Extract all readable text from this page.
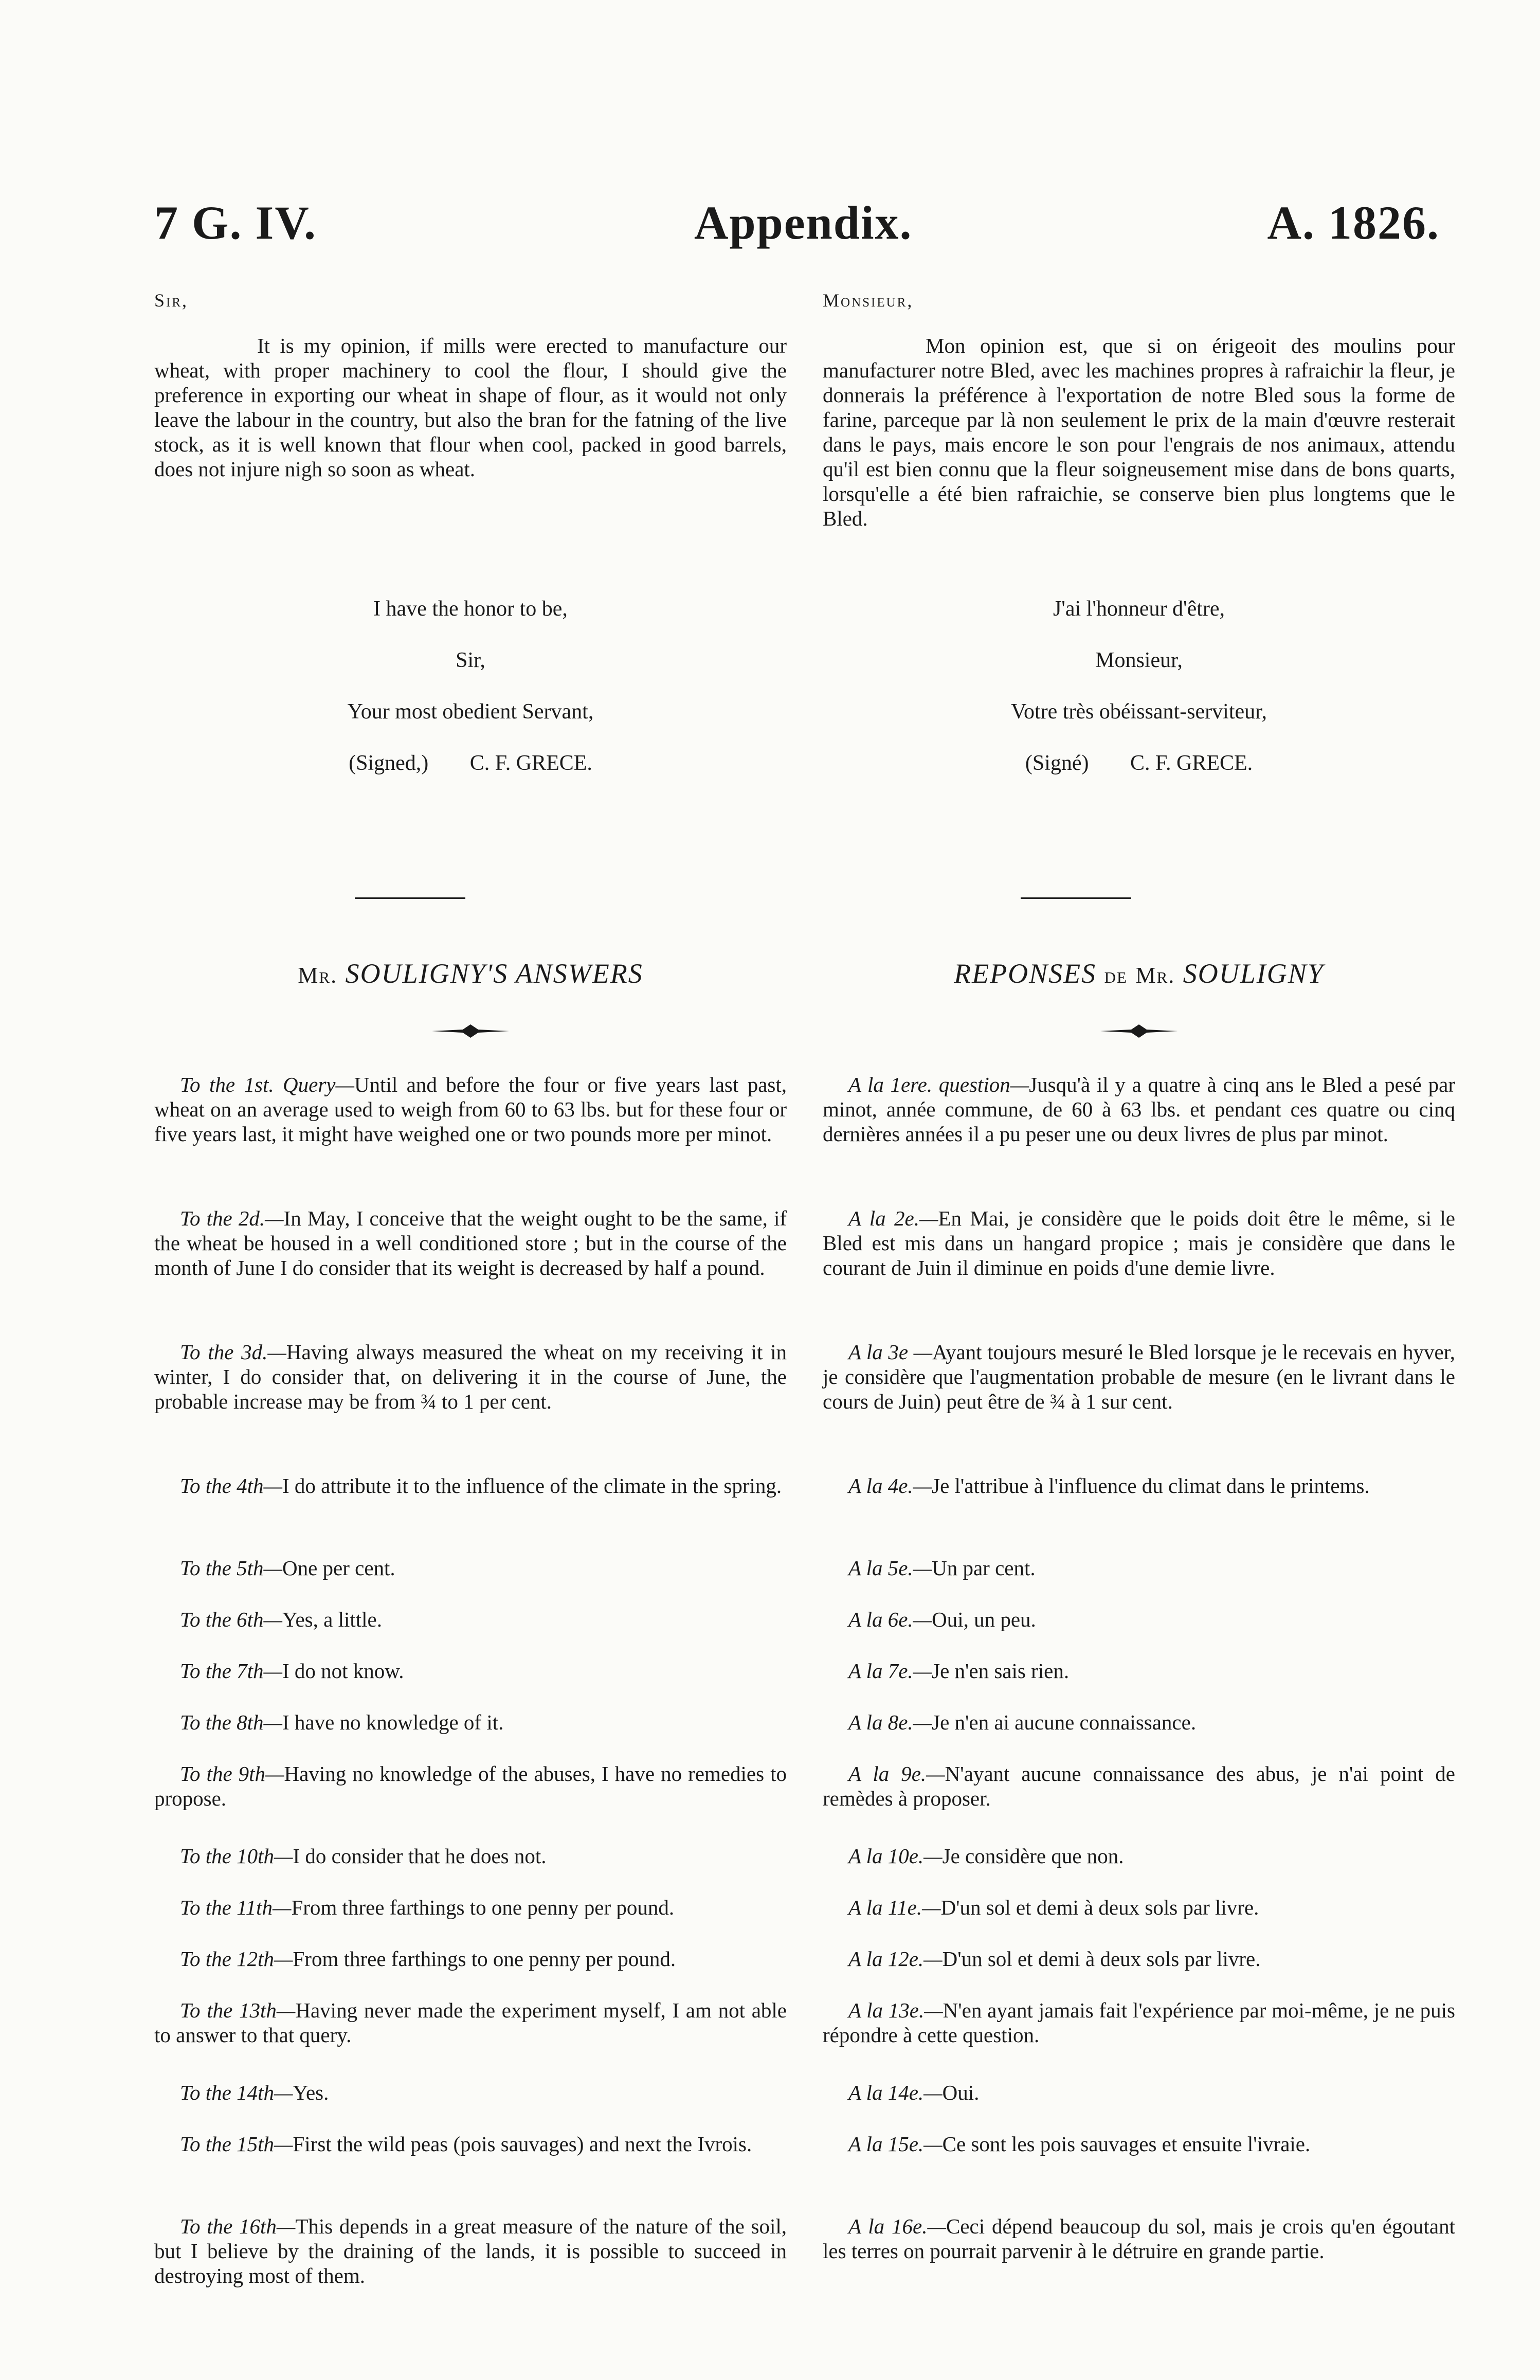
7 G. IV.	Appendix.	A. 1826.
Sir,
It is my opinion, if mills were erected to manufacture our wheat, with proper machinery to cool the flour, I should give the preference in exporting our wheat in shape of flour, as it would not only leave the labour in the country, but also the bran for the fatning of the live stock, as it is well known that flour when cool, packed in good barrels, does not injure nigh so soon as wheat.
Monsieur,
Mon opinion est, que si on érigeoit des moulins pour manufacturer notre Bled, avec les machines propres à rafraichir la fleur, je donnerais la préférence à l'exportation de notre Bled sous la forme de farine, parceque par là non seulement le prix de la main d'œuvre resterait dans le pays, mais encore le son pour l'engrais de nos animaux, attendu qu'il est bien connu que la fleur soigneusement mise dans de bons quarts, lorsqu'elle a été bien rafraichie, se conserve bien plus longtems que le Bled.
I have the honor to be,
Sir,
Your most obedient Servant,
(Signed,) C. F. GRECE.
J'ai l'honneur d'être,
Monsieur,
Votre très obéissant-serviteur,
(Signé) C. F. GRECE.
Mr. SOULIGNY'S ANSWERS	REPONSES de Mr. SOULIGNY

To the 1st. Query—Until and before the four or five years last past, wheat on an average used to weigh from 60 to 63 lbs. but for these four or five years last, it might have weighed one or two pounds more per minot.

To the 2d.—In May, I conceive that the weight ought to be the same, if the wheat be housed in a well conditioned store ; but in the course of the month of June I do consider that its weight is decreased by half a pound.

To the 3d.—Having always measured the wheat on my receiving it in winter, I do consider that, on delivering it in the course of June, the probable increase may be from ¾ to 1 per cent.

To the 4th—I do attribute it to the influence of the climate in the spring.

To the 5th—One per cent.

To the 6th—Yes, a little.

To the 7th—I do not know.

To the 8th—I have no knowledge of it.

To the 9th—Having no knowledge of the abuses, I have no remedies to propose.

To the 10th—I do consider that he does not.

To the 11th—From three farthings to one penny per pound.

To the 12th—From three farthings to one penny per pound.

To the 13th—Having never made the experiment myself, I am not able to answer to that query.

To the 14th—Yes.

To the 15th—First the wild peas (pois sauvages) and next the Ivrois.

To the 16th—This depends in a great measure of the nature of the soil, but I believe by the draining of the lands, it is possible to succeed in destroying most of them.

A la 1ere. question—Jusqu'à il y a quatre à cinq ans le Bled a pesé par minot, année commune, de 60 à 63 lbs. et pendant ces quatre ou cinq dernières années il a pu peser une ou deux livres de plus par minot.

A la 2e.—En Mai, je considère que le poids doit être le même, si le Bled est mis dans un hangard propice ; mais je considère que dans le courant de Juin il diminue en poids d'une demie livre.

A la 3e —Ayant toujours mesuré le Bled lorsque je le recevais en hyver, je considère que l'augmentation probable de mesure (en le livrant dans le cours de Juin) peut être de ¾ à 1 sur cent.

A la 4e.—Je l'attribue à l'influence du climat dans le printems.

A la 5e.—Un par cent.

A la 6e.—Oui, un peu.

A la 7e.—Je n'en sais rien.

A la 8e.—Je n'en ai aucune connaissance.

A la 9e.—N'ayant aucune connaissance des abus, je n'ai point de remèdes à proposer.

A la 10e.—Je considère que non.

A la 11e.—D'un sol et demi à deux sols par livre.

A la 12e.—D'un sol et demi à deux sols par livre.

A la 13e.—N'en ayant jamais fait l'expérience par moi-même, je ne puis répondre à cette question.

A la 14e.—Oui.

A la 15e.—Ce sont les pois sauvages et ensuite l'ivraie.

A la 16e.—Ceci dépend beaucoup du sol, mais je crois qu'en égoutant les terres on pourrait parvenir à le détruire en grande partie.
